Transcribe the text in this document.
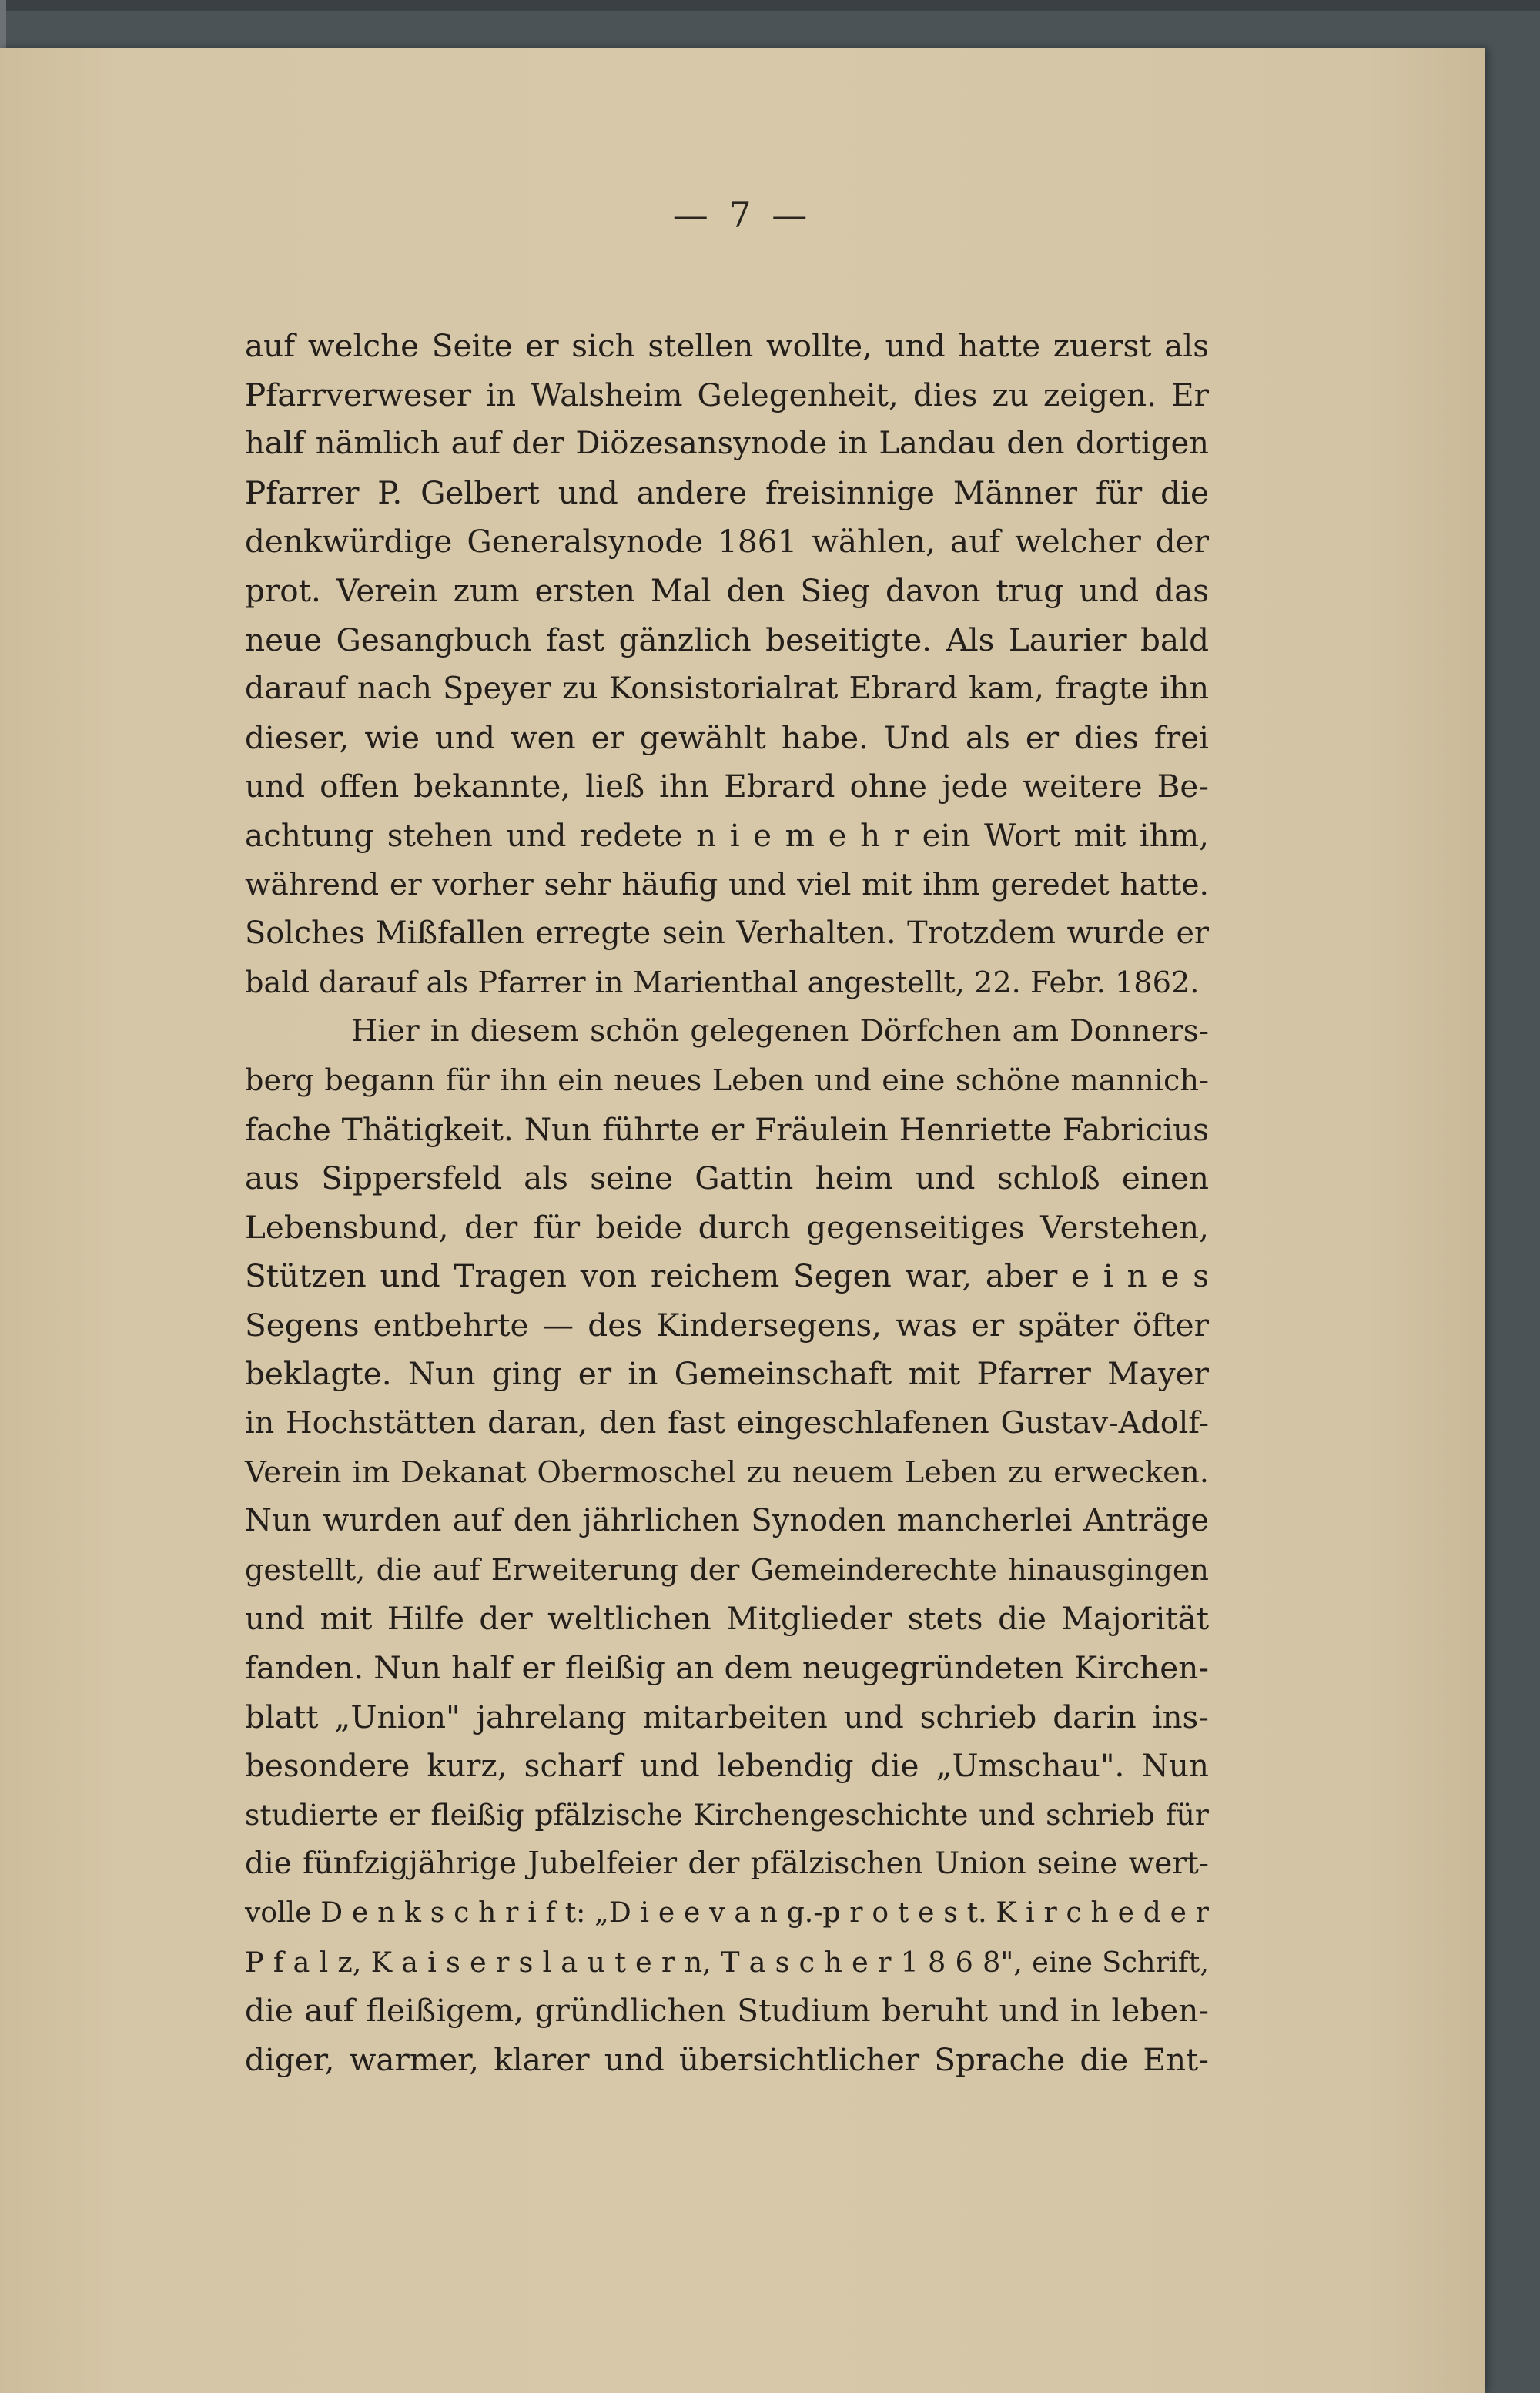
— 7 —
auf welche Seite er sich stellen wollte, und hatte zuerst als
Pfarrverweser in Walsheim Gelegenheit, dies zu zeigen. Er
half nämlich auf der Diözesansynode in Landau den dortigen
Pfarrer P. Gelbert und andere freisinnige Männer für die
denkwürdige Generalsynode 1861 wählen, auf welcher der
prot. Verein zum ersten Mal den Sieg davon trug und das
neue Gesangbuch fast gänzlich beseitigte. Als Laurier bald
darauf nach Speyer zu Konsistorialrat Ebrard kam, fragte ihn
dieser, wie und wen er gewählt habe. Und als er dies frei
und offen bekannte, ließ ihn Ebrard ohne jede weitere Be-
achtung stehen und redete n i e m e h r ein Wort mit ihm,
während er vorher sehr häufig und viel mit ihm geredet hatte.
Solches Mißfallen erregte sein Verhalten. Trotzdem wurde er
bald darauf als Pfarrer in Marienthal angestellt, 22. Febr. 1862.
Hier in diesem schön gelegenen Dörfchen am Donners-
berg begann für ihn ein neues Leben und eine schöne mannich-
fache Thätigkeit. Nun führte er Fräulein Henriette Fabricius
aus Sippersfeld als seine Gattin heim und schloß einen
Lebensbund, der für beide durch gegenseitiges Verstehen,
Stützen und Tragen von reichem Segen war, aber e i n e s
Segens entbehrte — des Kindersegens, was er später öfter
beklagte. Nun ging er in Gemeinschaft mit Pfarrer Mayer
in Hochstätten daran, den fast eingeschlafenen Gustav-Adolf-
Verein im Dekanat Obermoschel zu neuem Leben zu erwecken.
Nun wurden auf den jährlichen Synoden mancherlei Anträge
gestellt, die auf Erweiterung der Gemeinderechte hinausgingen
und mit Hilfe der weltlichen Mitglieder stets die Majorität
fanden. Nun half er fleißig an dem neugegründeten Kirchen-
blatt „Union" jahrelang mitarbeiten und schrieb darin ins-
besondere kurz, scharf und lebendig die „Umschau". Nun
studierte er fleißig pfälzische Kirchengeschichte und schrieb für
die fünfzigjährige Jubelfeier der pfälzischen Union seine wert-
volle D e n k s c h r i f t: „D i e e v a n g.-p r o t e s t. K i r c h e d e r
P f a l z, K a i s e r s l a u t e r n, T a s c h e r 1 8 6 8", eine Schrift,
die auf fleißigem, gründlichen Studium beruht und in leben-
diger, warmer, klarer und übersichtlicher Sprache die Ent-
